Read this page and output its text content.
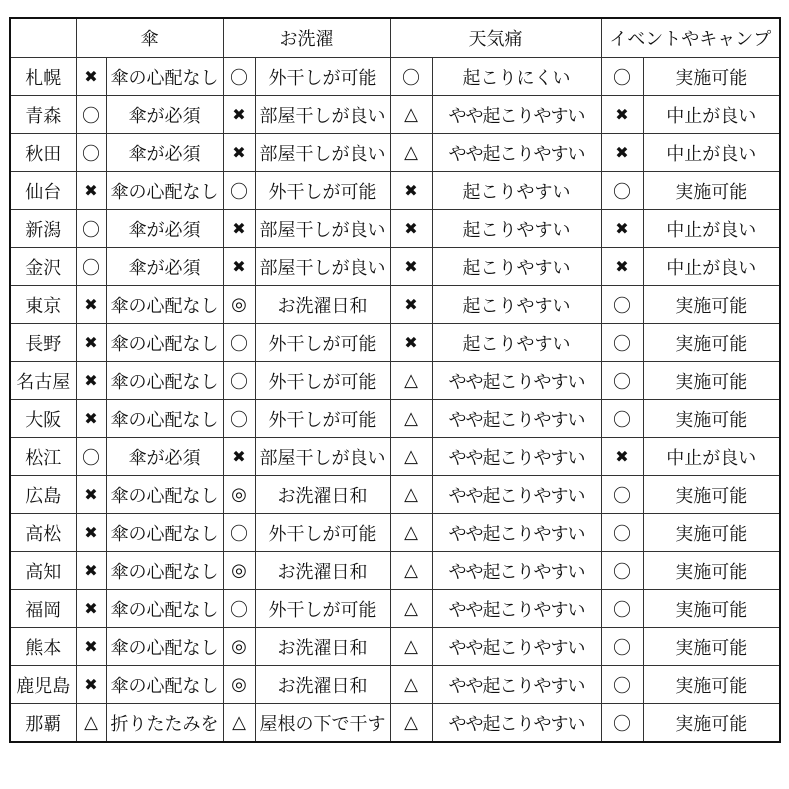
	傘		お洗濯		天気痛		イベントやキャンプ	
札幌	✖	傘の心配なし	〇	外干しが可能	〇	起こりにくい	〇	実施可能
青森	〇	傘が必須	✖	部屋干しが良い	△	やや起こりやすい	✖	中止が良い
秋田	〇	傘が必須	✖	部屋干しが良い	△	やや起こりやすい	✖	中止が良い
仙台	✖	傘の心配なし	〇	外干しが可能	✖	起こりやすい	〇	実施可能
新潟	〇	傘が必須	✖	部屋干しが良い	✖	起こりやすい	✖	中止が良い
金沢	〇	傘が必須	✖	部屋干しが良い	✖	起こりやすい	✖	中止が良い
東京	✖	傘の心配なし	◎	お洗濯日和	✖	起こりやすい	〇	実施可能
長野	✖	傘の心配なし	〇	外干しが可能	✖	起こりやすい	〇	実施可能
名古屋	✖	傘の心配なし	〇	外干しが可能	△	やや起こりやすい	〇	実施可能
大阪	✖	傘の心配なし	〇	外干しが可能	△	やや起こりやすい	〇	実施可能
松江	〇	傘が必須	✖	部屋干しが良い	△	やや起こりやすい	✖	中止が良い
広島	✖	傘の心配なし	◎	お洗濯日和	△	やや起こりやすい	〇	実施可能
高松	✖	傘の心配なし	〇	外干しが可能	△	やや起こりやすい	〇	実施可能
高知	✖	傘の心配なし	◎	お洗濯日和	△	やや起こりやすい	〇	実施可能
福岡	✖	傘の心配なし	〇	外干しが可能	△	やや起こりやすい	〇	実施可能
熊本	✖	傘の心配なし	◎	お洗濯日和	△	やや起こりやすい	〇	実施可能
鹿児島	✖	傘の心配なし	◎	お洗濯日和	△	やや起こりやすい	〇	実施可能
那覇	△	折りたたみを	△	屋根の下で干す	△	やや起こりやすい	〇	実施可能
